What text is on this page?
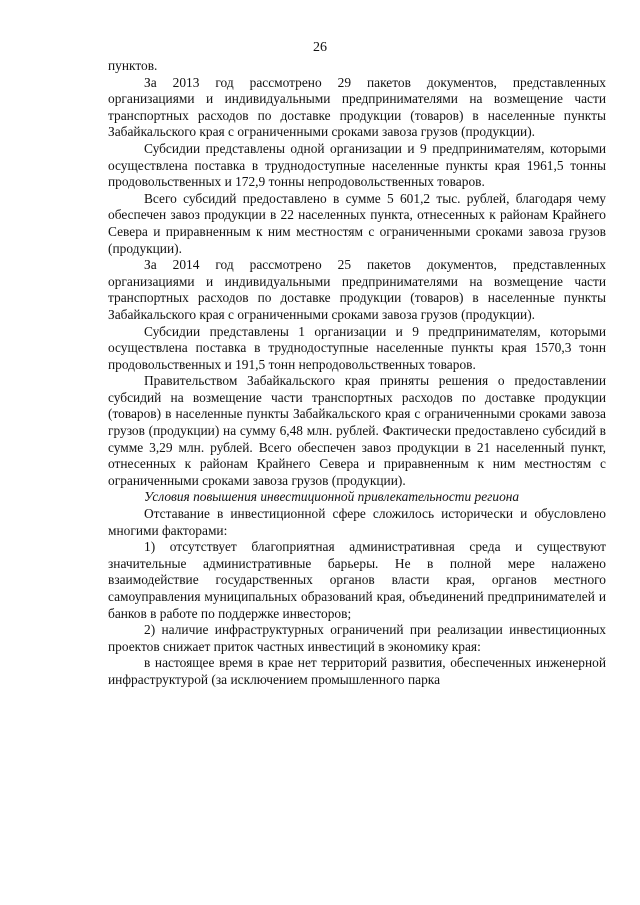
26

пунктов.

За 2013 год рассмотрено 29 пакетов документов, представленных организациями и индивидуальными предпринимателями на возмещение части транспортных расходов по доставке продукции (товаров) в населенные пункты Забайкальского края с ограниченными сроками завоза грузов (продукции).

Субсидии представлены одной организации и 9 предпринимателям, которыми осуществлена поставка в труднодоступные населенные пункты края 1961,5 тонны продовольственных и 172,9 тонны непродовольственных товаров.

Всего субсидий предоставлено в сумме 5 601,2 тыс. рублей, благодаря чему обеспечен завоз продукции в 22 населенных пункта, отнесенных к районам Крайнего Севера и приравненным к ним местностям с ограниченными сроками завоза грузов (продукции).

За 2014 год рассмотрено 25 пакетов документов, представленных организациями и индивидуальными предпринимателями на возмещение части транспортных расходов по доставке продукции (товаров) в населенные пункты Забайкальского края с ограниченными сроками завоза грузов (продукции).

Субсидии представлены 1 организации и 9 предпринимателям, которыми осуществлена поставка в труднодоступные населенные пункты края 1570,3 тонн продовольственных и 191,5 тонн непродовольственных товаров.

Правительством Забайкальского края приняты решения о предоставлении субсидий на возмещение части транспортных расходов по доставке продукции (товаров) в населенные пункты Забайкальского края с ограниченными сроками завоза грузов (продукции) на сумму 6,48 млн. рублей. Фактически предоставлено субсидий в сумме 3,29 млн. рублей. Всего обеспечен завоз продукции в 21 населенный пункт, отнесенных к районам Крайнего Севера и приравненным к ним местностям с ограниченными сроками завоза грузов (продукции).

Условия повышения инвестиционной привлекательности региона

Отставание в инвестиционной сфере сложилось исторически и обусловлено многими факторами:

1) отсутствует благоприятная административная среда и существуют значительные административные барьеры. Не в полной мере налажено взаимодействие государственных органов власти края, органов местного самоуправления муниципальных образований края, объединений предпринимателей и банков в работе по поддержке инвесторов;

2) наличие инфраструктурных ограничений при реализации инвестиционных проектов снижает приток частных инвестиций в экономику края:

в настоящее время в крае нет территорий развития, обеспеченных инженерной инфраструктурой (за исключением промышленного парка
